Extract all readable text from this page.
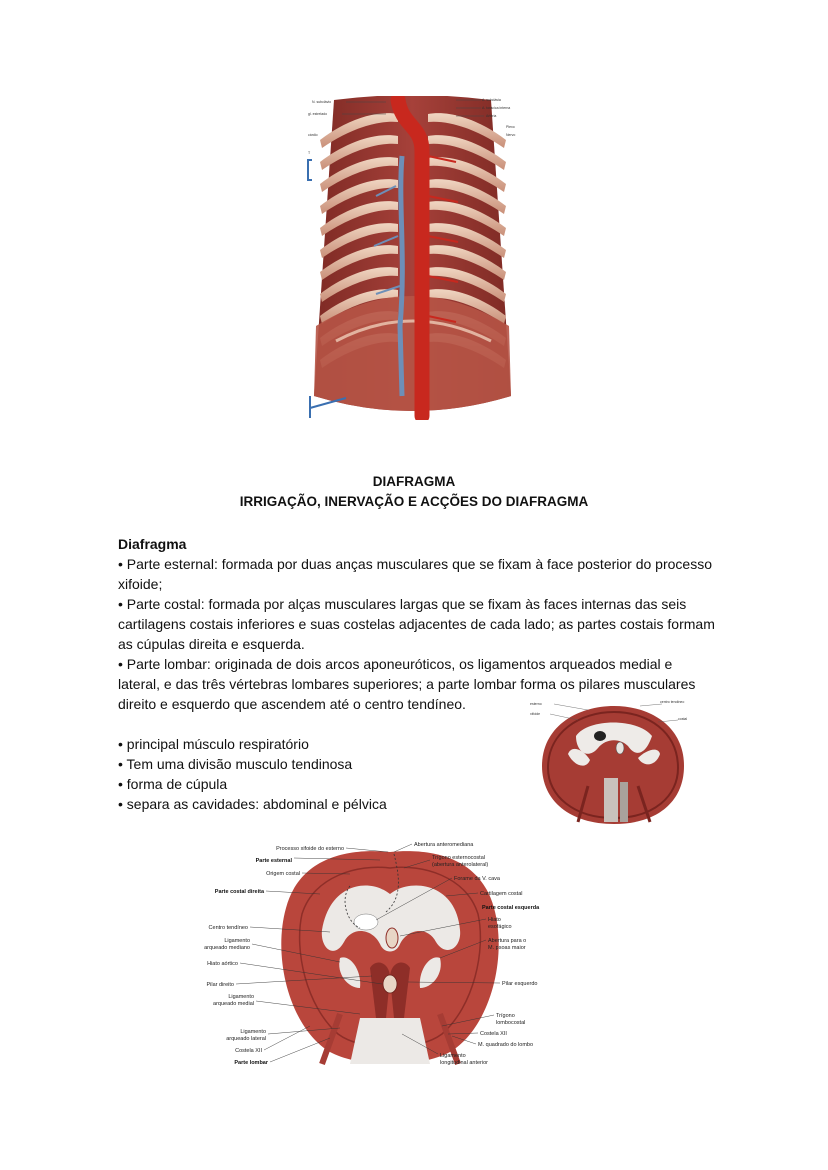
N. subclávio
gl. estrelado
cárdio
T
A. subclávia
A. torácica interna
Artéria
Plexo
Nervo
DIAFRAGMA
IRRIGAÇÃO, INERVAÇÃO E ACÇÕES DO DIAFRAGMA
Diafragma

• Parte esternal: formada por duas anças musculares que se fixam à face posterior do processo

xifoide;

• Parte costal: formada por alças musculares largas que se fixam às faces internas das seis

cartilagens costais inferiores e suas costelas adjacentes de cada lado; as partes costais formam

as cúpulas direita e esquerda.

• Parte lombar: originada de dois arcos aponeuróticos, os ligamentos arqueados medial e

lateral, e das três vértebras lombares superiores; a parte lombar forma os pilares musculares

direito e esquerdo que ascendem até o centro tendíneo.

• principal músculo respiratório

• Tem uma divisão musculo tendinosa

• forma de cúpula

• separa as cavidades: abdominal e pélvica

esterno
xifoide
centro tendíneo
costal
Processo xifoide do esterno
Parte esternal
Origem costal
Parte costal direita
Centro tendíneo
Ligamento
arqueado mediano
Hiato aórtico
Pilar direito
Ligamento
arqueado medial
Ligamento
arqueado lateral
Costela XII
Parte lombar
Abertura anteromediana
Trígono esternocostal
(abertura anterolateral)
Forame da V. cava
Cartilagem costal
Parte costal esquerda
Hiato
esofágico
Abertura para o
M. psoas maior
Pilar esquerdo
Trígono
lombocostal
Costela XII
M. quadrado do lombo
Ligamento
longitudinal anterior
